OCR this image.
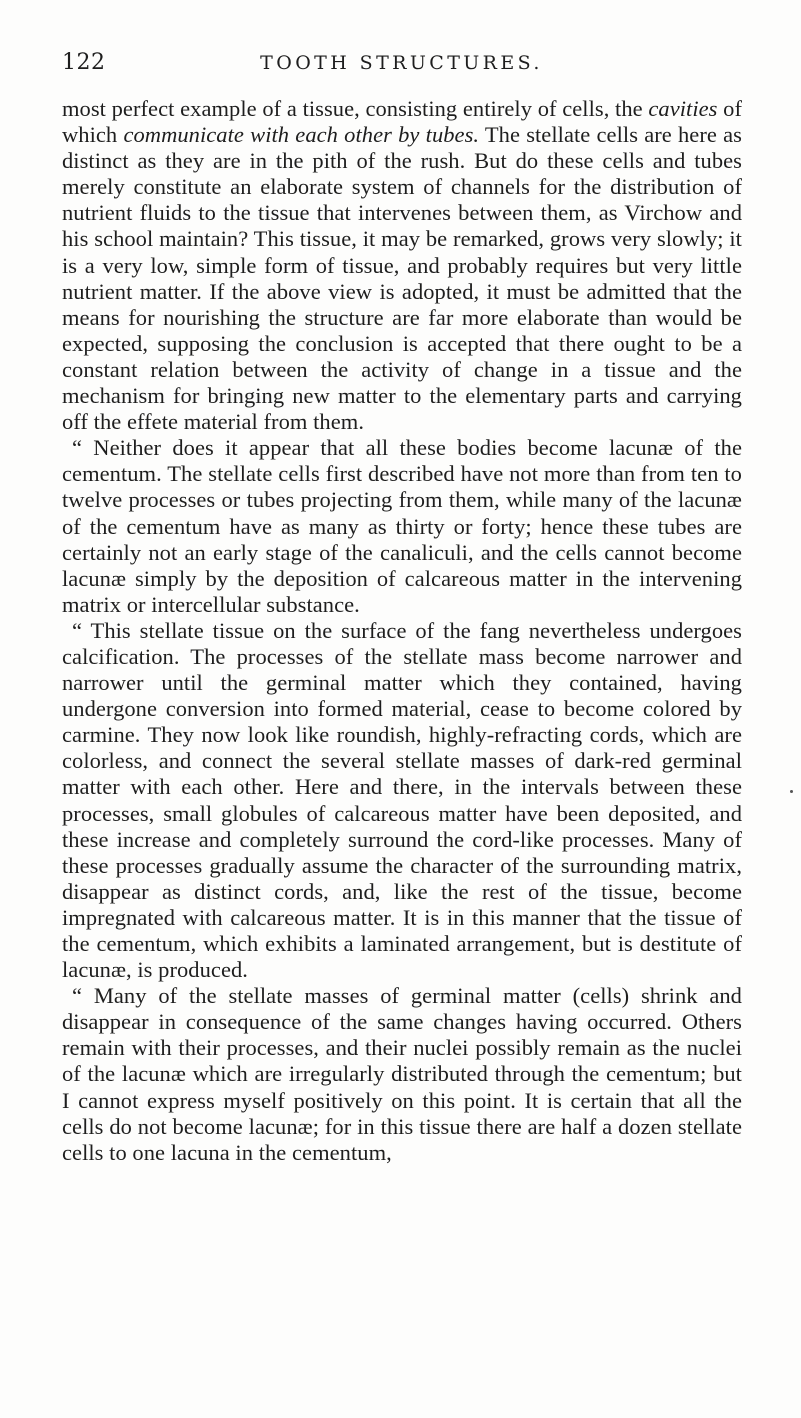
122	TOOTH STRUCTURES.

most perfect example of a tissue, consisting entirely of cells, the cavities of which communicate with each other by tubes. The stellate cells are here as distinct as they are in the pith of the rush. But do these cells and tubes merely constitute an elaborate system of channels for the distribution of nutrient fluids to the tissue that intervenes between them, as Virchow and his school maintain? This tissue, it may be remarked, grows very slowly; it is a very low, simple form of tissue, and probably requires but very little nutrient matter. If the above view is adopted, it must be admitted that the means for nourishing the structure are far more elaborate than would be expected, supposing the conclusion is accepted that there ought to be a constant relation between the activity of change in a tissue and the mechanism for bringing new matter to the elementary parts and carrying off the effete material from them.

“ Neither does it appear that all these bodies become lacunæ of the cementum. The stellate cells first described have not more than from ten to twelve processes or tubes projecting from them, while many of the lacunæ of the cementum have as many as thirty or forty; hence these tubes are certainly not an early stage of the canaliculi, and the cells cannot become lacunæ simply by the deposition of calcareous matter in the intervening matrix or intercellular substance.

“ This stellate tissue on the surface of the fang nevertheless undergoes calcification. The processes of the stellate mass become narrower and narrower until the germinal matter which they contained, having undergone conversion into formed material, cease to become colored by carmine. They now look like roundish, highly-refracting cords, which are colorless, and connect the several stellate masses of dark-red germinal matter with each other. Here and there, in the intervals between these processes, small globules of calcareous matter have been deposited, and these increase and completely surround the cord-like processes. Many of these processes gradually assume the character of the surrounding matrix, disappear as distinct cords, and, like the rest of the tissue, become impregnated with calcareous matter. It is in this manner that the tissue of the cementum, which exhibits a laminated arrangement, but is destitute of lacunæ, is produced.

“ Many of the stellate masses of germinal matter (cells) shrink and disappear in consequence of the same changes having occurred. Others remain with their processes, and their nuclei possibly remain as the nuclei of the lacunæ which are irregularly distributed through the cementum; but I cannot express myself positively on this point. It is certain that all the cells do not become lacunæ; for in this tissue there are half a dozen stellate cells to one lacuna in the cementum,
